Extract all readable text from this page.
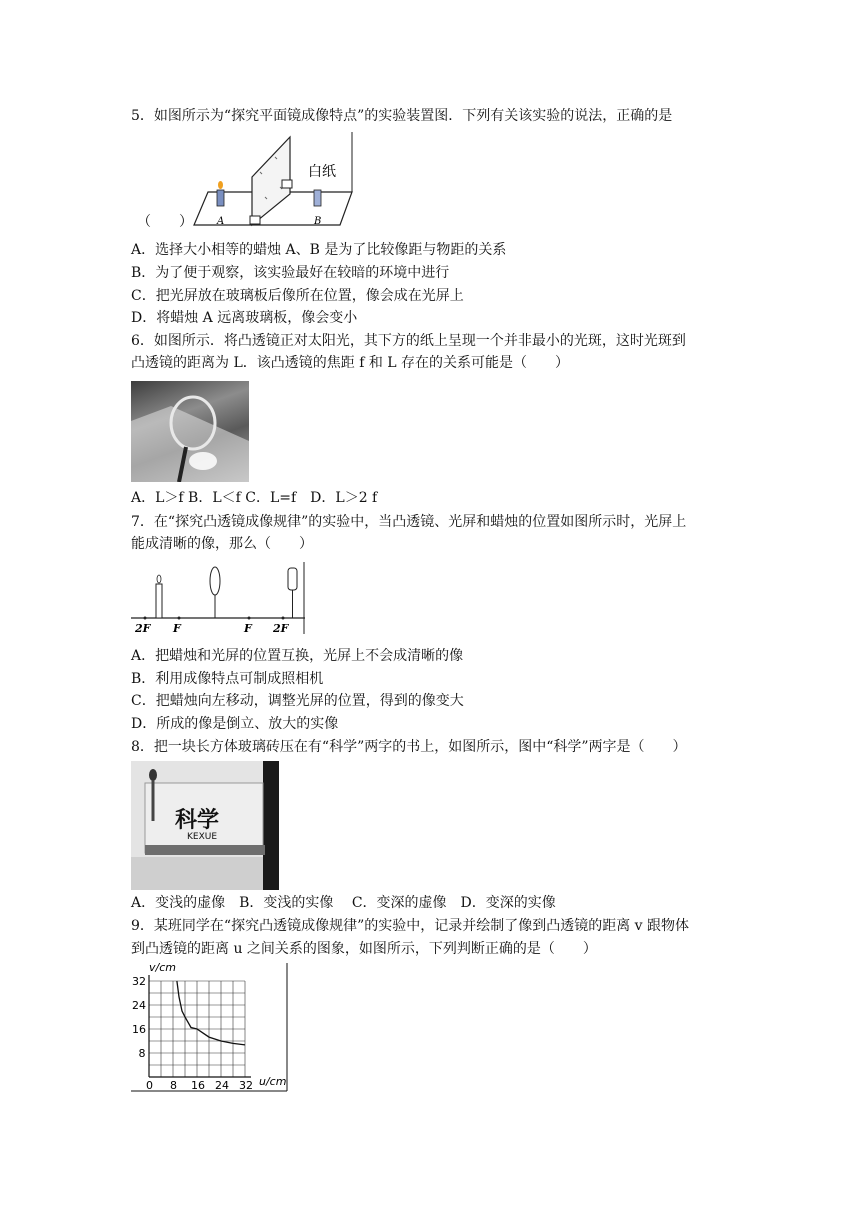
5．如图所示为“探究平面镜成像特点”的实验装置图．下列有关该实验的说法，正确的是
白纸
A	B
（　　）
A．选择大小相等的蜡烛 A、B 是为了比较像距与物距的关系
B．为了便于观察，该实验最好在较暗的环境中进行
C．把光屏放在玻璃板后像所在位置，像会成在光屏上
D．将蜡烛 A 远离玻璃板，像会变小
6．如图所示．将凸透镜正对太阳光，其下方的纸上呈现一个并非最小的光斑，这时光斑到
凸透镜的距离为 L．该凸透镜的焦距 f 和 L 存在的关系可能是（　　）
A．L＞f B．L＜f C．L=f　D．L＞2 f
7．在“探究凸透镜成像规律”的实验中，当凸透镜、光屏和蜡烛的位置如图所示时，光屏上
能成清晰的像，那么（　　）
2F F	F 2F
A．把蜡烛和光屏的位置互换，光屏上不会成清晰的像
B．利用成像特点可制成照相机
C．把蜡烛向左移动，调整光屏的位置，得到的像变大
D．所成的像是倒立、放大的实像
8．把一块长方体玻璃砖压在有“科学”两字的书上，如图所示，图中“科学”两字是（　　）
科学
KEXUE
A．变浅的虚像　B．变浅的实像　 C．变深的虚像　D．变深的实像
9．某班同学在“探究凸透镜成像规律”的实验中，记录并绘制了像到凸透镜的距离 v 跟物体
到凸透镜的距离 u 之间关系的图象，如图所示，下列判断正确的是（　　）
0 8 16 24 32
8
16
24
32
v/cm
u/cm
